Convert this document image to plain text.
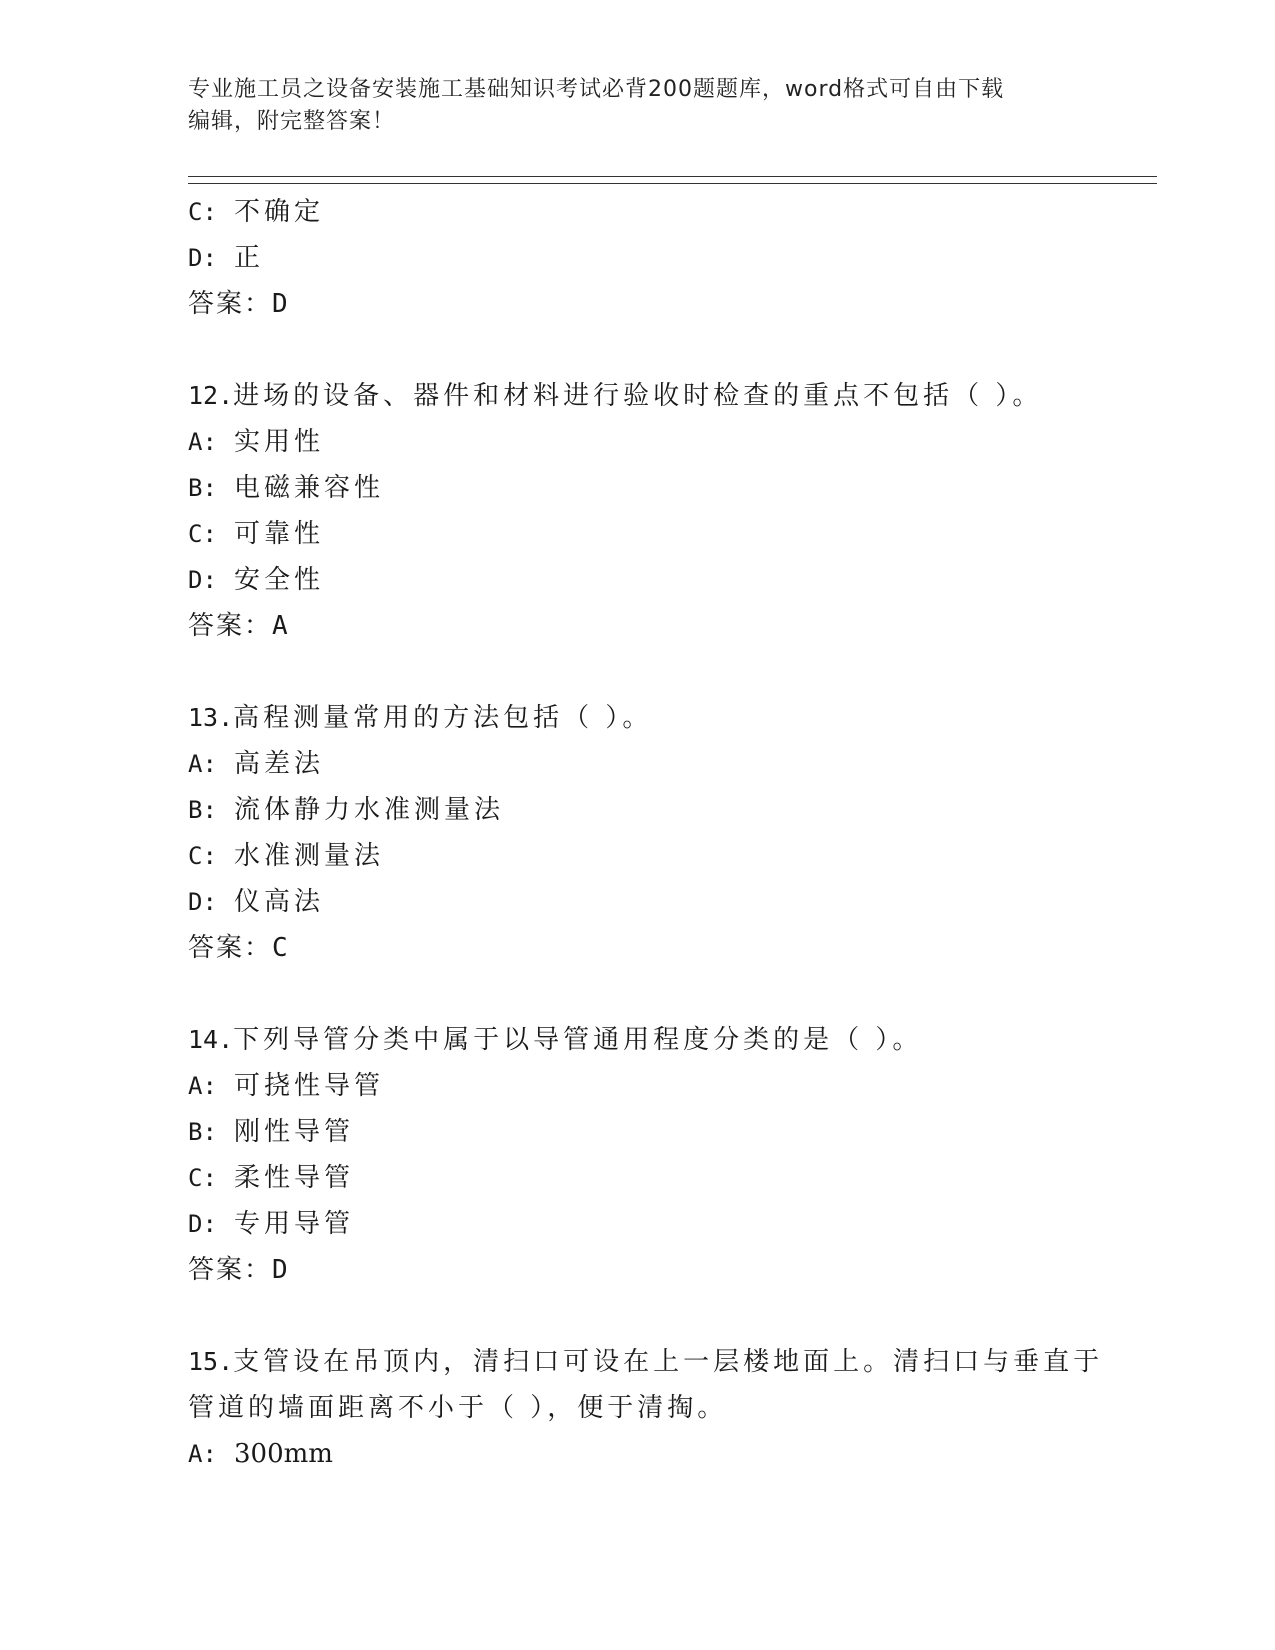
专业施工员之设备安装施工基础知识考试必背200题题库，word格式可自由下载
编辑，附完整答案！
C: 不确定
D: 正
答案：D
12.进场的设备、器件和材料进行验收时检查的重点不包括（ ）。
A: 实用性
B: 电磁兼容性
C: 可靠性
D: 安全性
答案：A
13.高程测量常用的方法包括（ ）。
A: 高差法
B: 流体静力水准测量法
C: 水准测量法
D: 仪高法
答案：C
14.下列导管分类中属于以导管通用程度分类的是（ ）。
A: 可挠性导管
B: 刚性导管
C: 柔性导管
D: 专用导管
答案：D
15.支管设在吊顶内，清扫口可设在上一层楼地面上。清扫口与垂直于
管道的墙面距离不小于（ ），便于清掏。
A: 300mm
